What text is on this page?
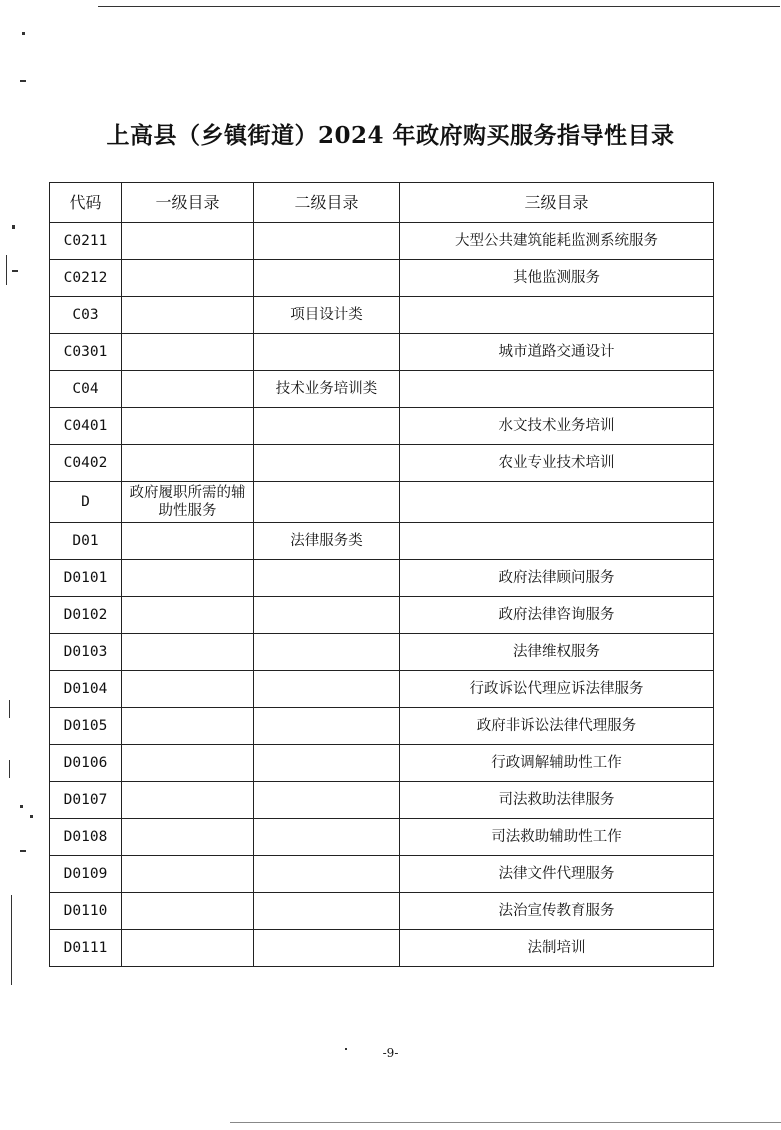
上高县（乡镇街道）2024 年政府购买服务指导性目录
代码	一级目录	二级目录	三级目录
C0211			大型公共建筑能耗监测系统服务
C0212			其他监测服务
C03		项目设计类	
C0301			城市道路交通设计
C04		技术业务培训类	
C0401			水文技术业务培训
C0402			农业专业技术培训
D	政府履职所需的辅助性服务		
D01		法律服务类	
D0101			政府法律顾问服务
D0102			政府法律咨询服务
D0103			法律维权服务
D0104			行政诉讼代理应诉法律服务
D0105			政府非诉讼法律代理服务
D0106			行政调解辅助性工作
D0107			司法救助法律服务
D0108			司法救助辅助性工作
D0109			法律文件代理服务
D0110			法治宣传教育服务
D0111			法制培训
-9-
